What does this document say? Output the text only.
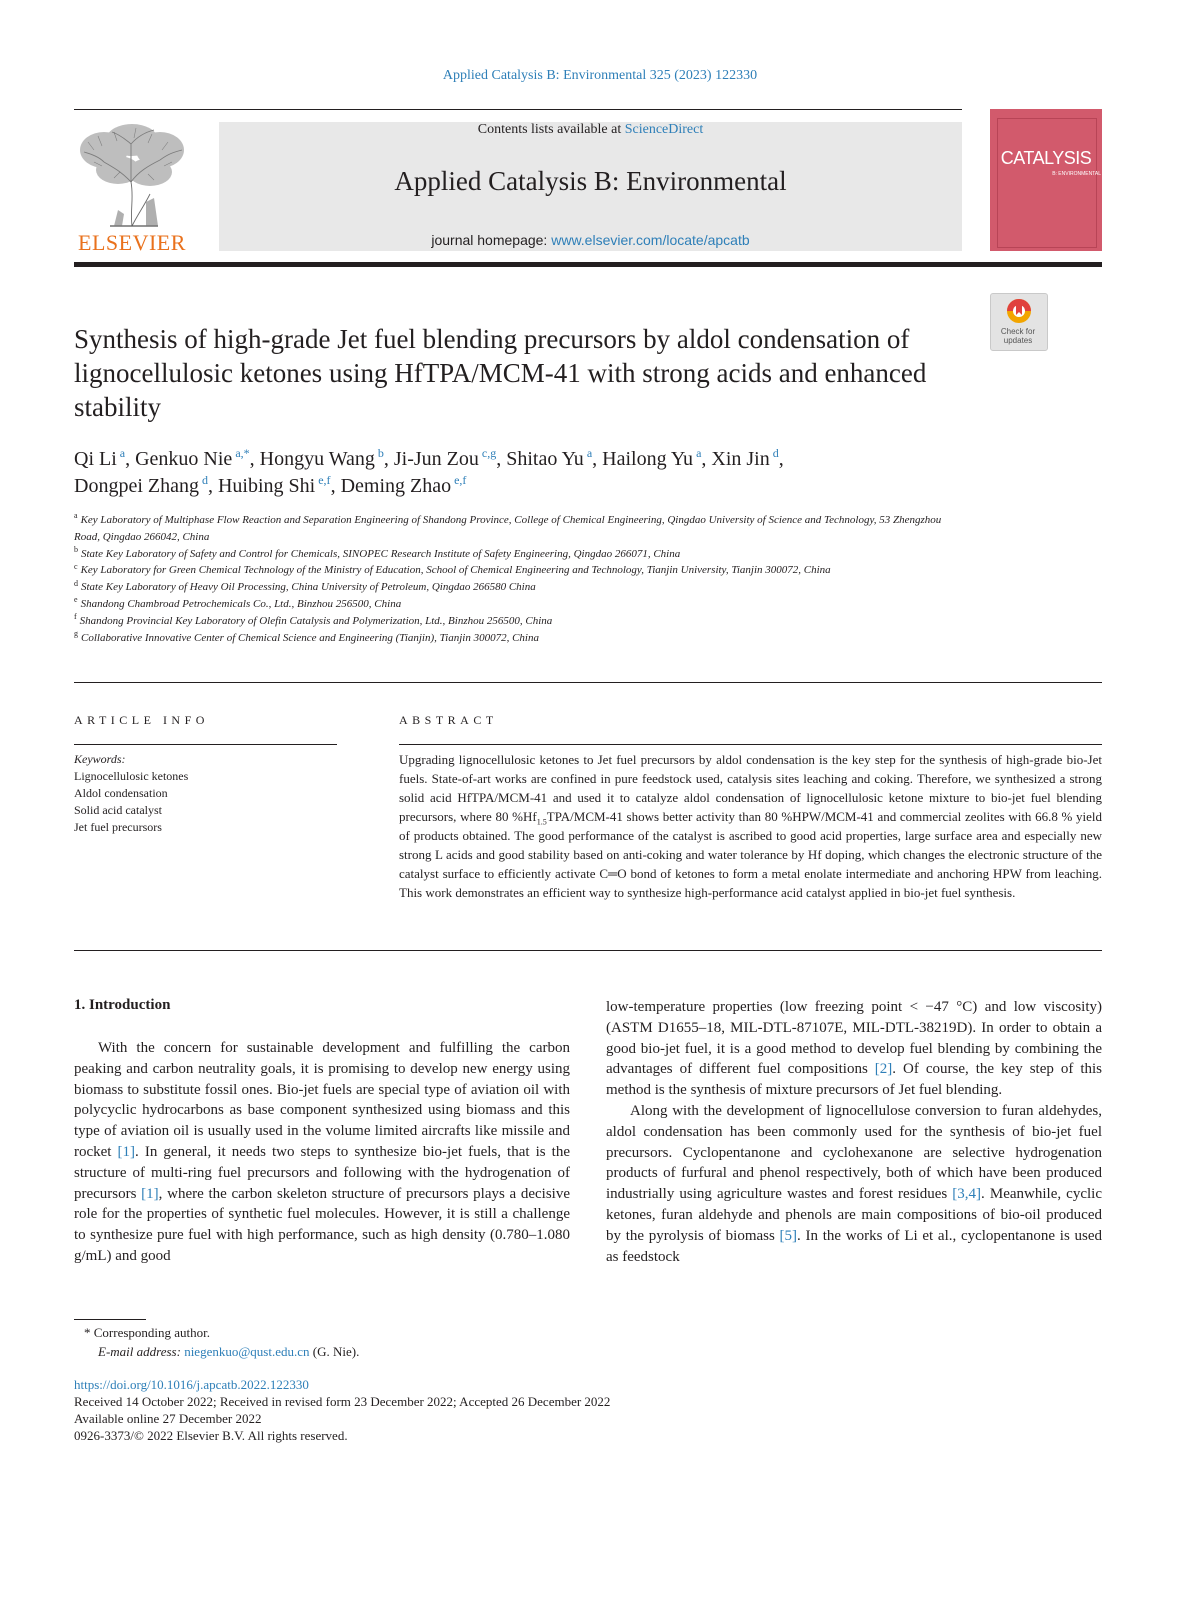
Applied Catalysis B: Environmental 325 (2023) 122330
ELSEVIER
Contents lists available at ScienceDirect
Applied Catalysis B: Environmental
journal homepage: www.elsevier.com/locate/apcatb
CATALYSIS
B: ENVIRONMENTAL
Check for updates
Synthesis of high-grade Jet fuel blending precursors by aldol condensation of lignocellulosic ketones using HfTPA/MCM-41 with strong acids and enhanced stability
Qi Li $^a$, Genkuo Nie $^{a,*}$, Hongyu Wang $^b$, Ji-Jun Zou $^{c,g}$, Shitao Yu $^a$, Hailong Yu $^a$, Xin Jin $^d$,
Dongpei Zhang $^d$, Huibing Shi $^{e,f}$, Deming Zhao $^{e,f}$
$^a$ Key Laboratory of Multiphase Flow Reaction and Separation Engineering of Shandong Province, College of Chemical Engineering, Qingdao University of Science and Technology, 53 Zhengzhou Road, Qingdao 266042, China
$^b$ State Key Laboratory of Safety and Control for Chemicals, SINOPEC Research Institute of Safety Engineering, Qingdao 266071, China
$^c$ Key Laboratory for Green Chemical Technology of the Ministry of Education, School of Chemical Engineering and Technology, Tianjin University, Tianjin 300072, China
$^d$ State Key Laboratory of Heavy Oil Processing, China University of Petroleum, Qingdao 266580 China
$^e$ Shandong Chambroad Petrochemicals Co., Ltd., Binzhou 256500, China
$^f$ Shandong Provincial Key Laboratory of Olefin Catalysis and Polymerization, Ltd., Binzhou 256500, China
$^g$ Collaborative Innovative Center of Chemical Science and Engineering (Tianjin), Tianjin 300072, China
ARTICLE INFO
Keywords:
Lignocellulosic ketones
Aldol condensation
Solid acid catalyst
Jet fuel precursors
ABSTRACT
Upgrading lignocellulosic ketones to Jet fuel precursors by aldol condensation is the key step for the synthesis of high-grade bio-Jet fuels. State-of-art works are confined in pure feedstock used, catalysis sites leaching and coking. Therefore, we synthesized a strong solid acid HfTPA/MCM-41 and used it to catalyze aldol condensation of lignocellulosic ketone mixture to bio-jet fuel blending precursors, where 80 $\%Hf_{1.5}TPA/MCM-41$ shows better activity than 80 %HPW/MCM-41 and commercial zeolites with 66.8 % yield of products obtained. The good performance of the catalyst is ascribed to good acid properties, large surface area and especially new strong L acids and good stability based on anti-coking and water tolerance by Hf doping, which changes the electronic structure of the catalyst surface to efficiently activate C═O bond of ketones to form a metal enolate intermediate and anchoring HPW from leaching. This work demonstrates an efficient way to synthesize high-performance acid catalyst applied in bio-jet fuel synthesis.
1. Introduction

With the concern for sustainable development and fulfilling the carbon peaking and carbon neutrality goals, it is promising to develop new energy using biomass to substitute fossil ones. Bio-jet fuels are special type of aviation oil with polycyclic hydrocarbons as base component synthesized using biomass and this type of aviation oil is usually used in the volume limited aircrafts like missile and rocket [1]. In general, it needs two steps to synthesize bio-jet fuels, that is the structure of multi-ring fuel precursors and following with the hydrogenation of precursors [1], where the carbon skeleton structure of precursors plays a decisive role for the properties of synthetic fuel molecules. However, it is still a challenge to synthesize pure fuel with high performance, such as high density (0.780–1.080 g/mL) and good

low-temperature properties (low freezing point < −47 °C) and low viscosity) (ASTM D1655–18, MIL-DTL-87107E, MIL-DTL-38219D). In order to obtain a good bio-jet fuel, it is a good method to develop fuel blending by combining the advantages of different fuel compositions [2]. Of course, the key step of this method is the synthesis of mixture precursors of Jet fuel blending.

Along with the development of lignocellulose conversion to furan aldehydes, aldol condensation has been commonly used for the synthesis of bio-jet fuel precursors. Cyclopentanone and cyclohexanone are selective hydrogenation products of furfural and phenol respectively, both of which have been produced industrially using agriculture wastes and forest residues [3,4]. Meanwhile, cyclic ketones, furan aldehyde and phenols are main compositions of bio-oil produced by the pyrolysis of biomass [5]. In the works of Li et al., cyclopentanone is used as feedstock

* Corresponding author.
E-mail address: niegenkuo@qust.edu.cn (G. Nie).
https://doi.org/10.1016/j.apcatb.2022.122330
Received 14 October 2022; Received in revised form 23 December 2022; Accepted 26 December 2022
Available online 27 December 2022
0926-3373/© 2022 Elsevier B.V. All rights reserved.
